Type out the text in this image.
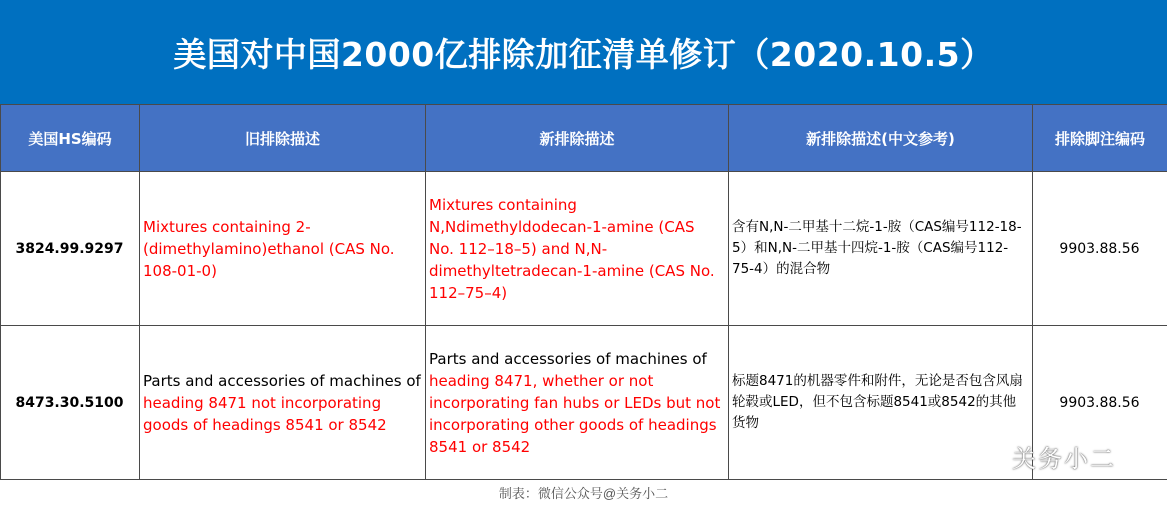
美国对中国2000亿排除加征清单修订（2020.10.5）
美国HS编码	旧排除描述	新排除描述	新排除描述(中文参考)	排除脚注编码
3824.99.9297	Mixtures containing 2-(dimethylamino)ethanol (CAS No. 108-01-0)	Mixtures containing N,Ndimethyldodecan-1-amine (CAS No. 112–18–5) and N,N-dimethyltetradecan-1-amine (CAS No. 112–75–4)	含有N,N-二甲基十二烷-1-胺（CAS编号112-18-5）和N,N-二甲基十四烷-1-胺（CAS编号112-75-4）的混合物	9903.88.56
8473.30.5100	Parts and accessories of machines of heading 8471 not incorporating goods of headings 8541 or 8542	Parts and accessories of machines of heading 8471, whether or not incorporating fan hubs or LEDs but not incorporating other goods of headings 8541 or 8542	标题8471的机器零件和附件，无论是否包含风扇轮毂或LED，但不包含标题8541或8542的其他货物	9903.88.56
关务小二
制表：微信公众号@关务小二
